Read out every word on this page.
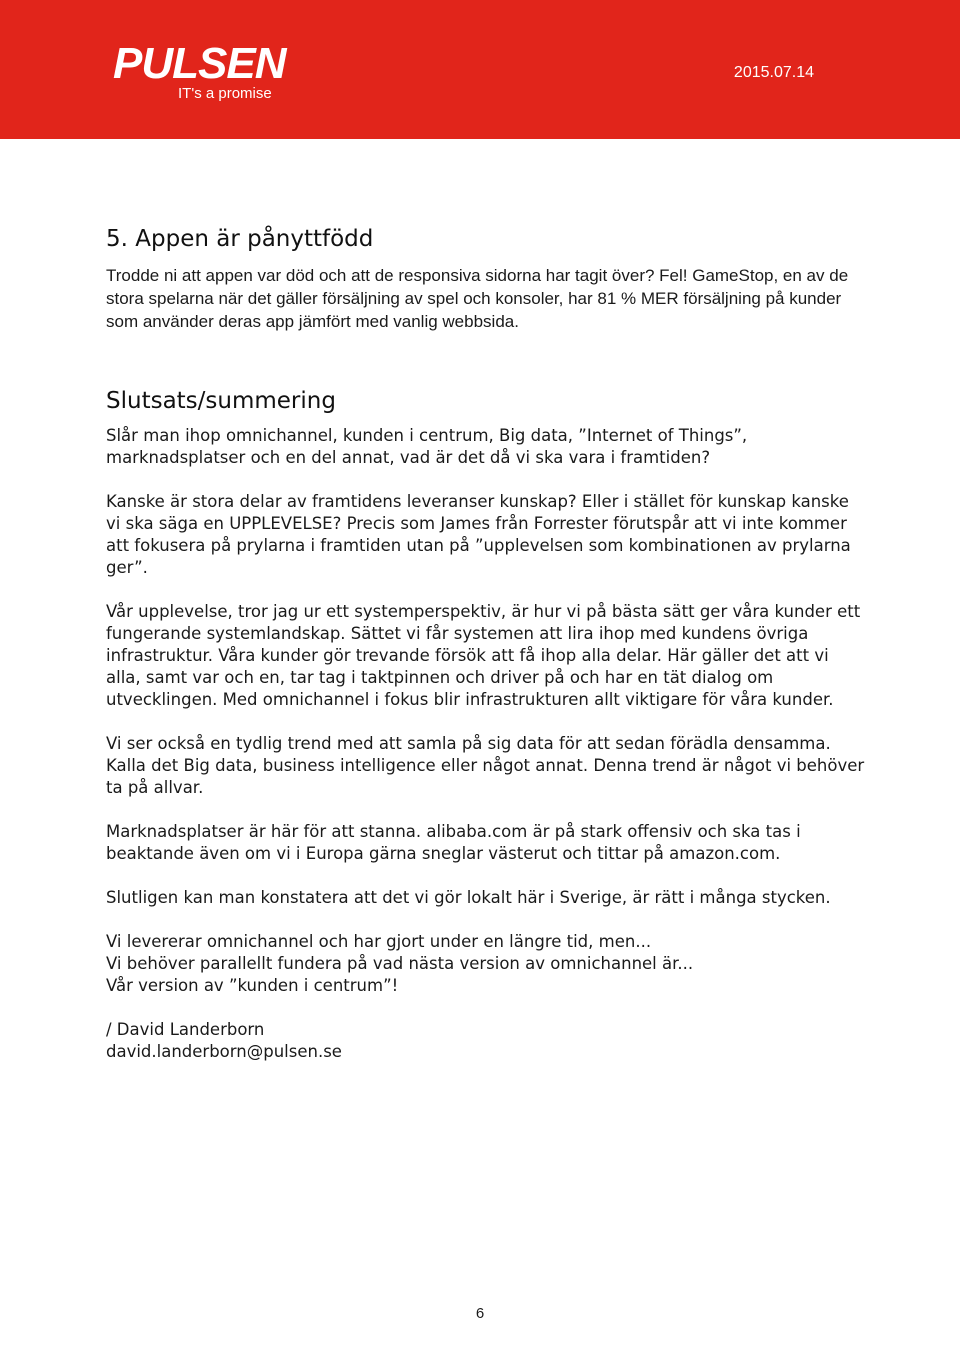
PULSEN
IT's a promise
2015.07.14
5. Appen är pånyttfödd

Trodde ni att appen var död och att de responsiva sidorna har tagit över? Fel! GameStop, en av de stora spelarna när det gäller försäljning av spel och konsoler, har 81 % MER försäljning på kunder som använder deras app jämfört med vanlig webbsida.

Slutsats/summering

Slår man ihop omnichannel, kunden i centrum, Big data, ”Internet of Things”, marknadsplatser och en del annat, vad är det då vi ska vara i framtiden?

Kanske är stora delar av framtidens leveranser kunskap? Eller i stället för kunskap kanske vi ska säga en UPPLEVELSE? Precis som James från Forrester förutspår att vi inte kommer att fokusera på prylarna i framtiden utan på ”upplevelsen som kombinationen av prylarna ger”.

Vår upplevelse, tror jag ur ett systemperspektiv, är hur vi på bästa sätt ger våra kunder ett fungerande systemlandskap. Sättet vi får systemen att lira ihop med kundens övriga infrastruktur. Våra kunder gör trevande försök att få ihop alla delar. Här gäller det att vi alla, samt var och en, tar tag i taktpinnen och driver på och har en tät dialog om utvecklingen. Med omnichannel i fokus blir infrastrukturen allt viktigare för våra kunder.

Vi ser också en tydlig trend med att samla på sig data för att sedan förädla densamma. Kalla det Big data, business intelligence eller något annat. Denna trend är något vi behöver ta på allvar.

Marknadsplatser är här för att stanna. alibaba.com är på stark offensiv och ska tas i beaktande även om vi i Europa gärna sneglar västerut och tittar på amazon.com.

Slutligen kan man konstatera att det vi gör lokalt här i Sverige, är rätt i många stycken.

Vi levererar omnichannel och har gjort under en längre tid, men...

Vi behöver parallellt fundera på vad nästa version av omnichannel är...

Vår version av ”kunden i centrum”!

/ David Landerborn

david.landerborn@pulsen.se

6
